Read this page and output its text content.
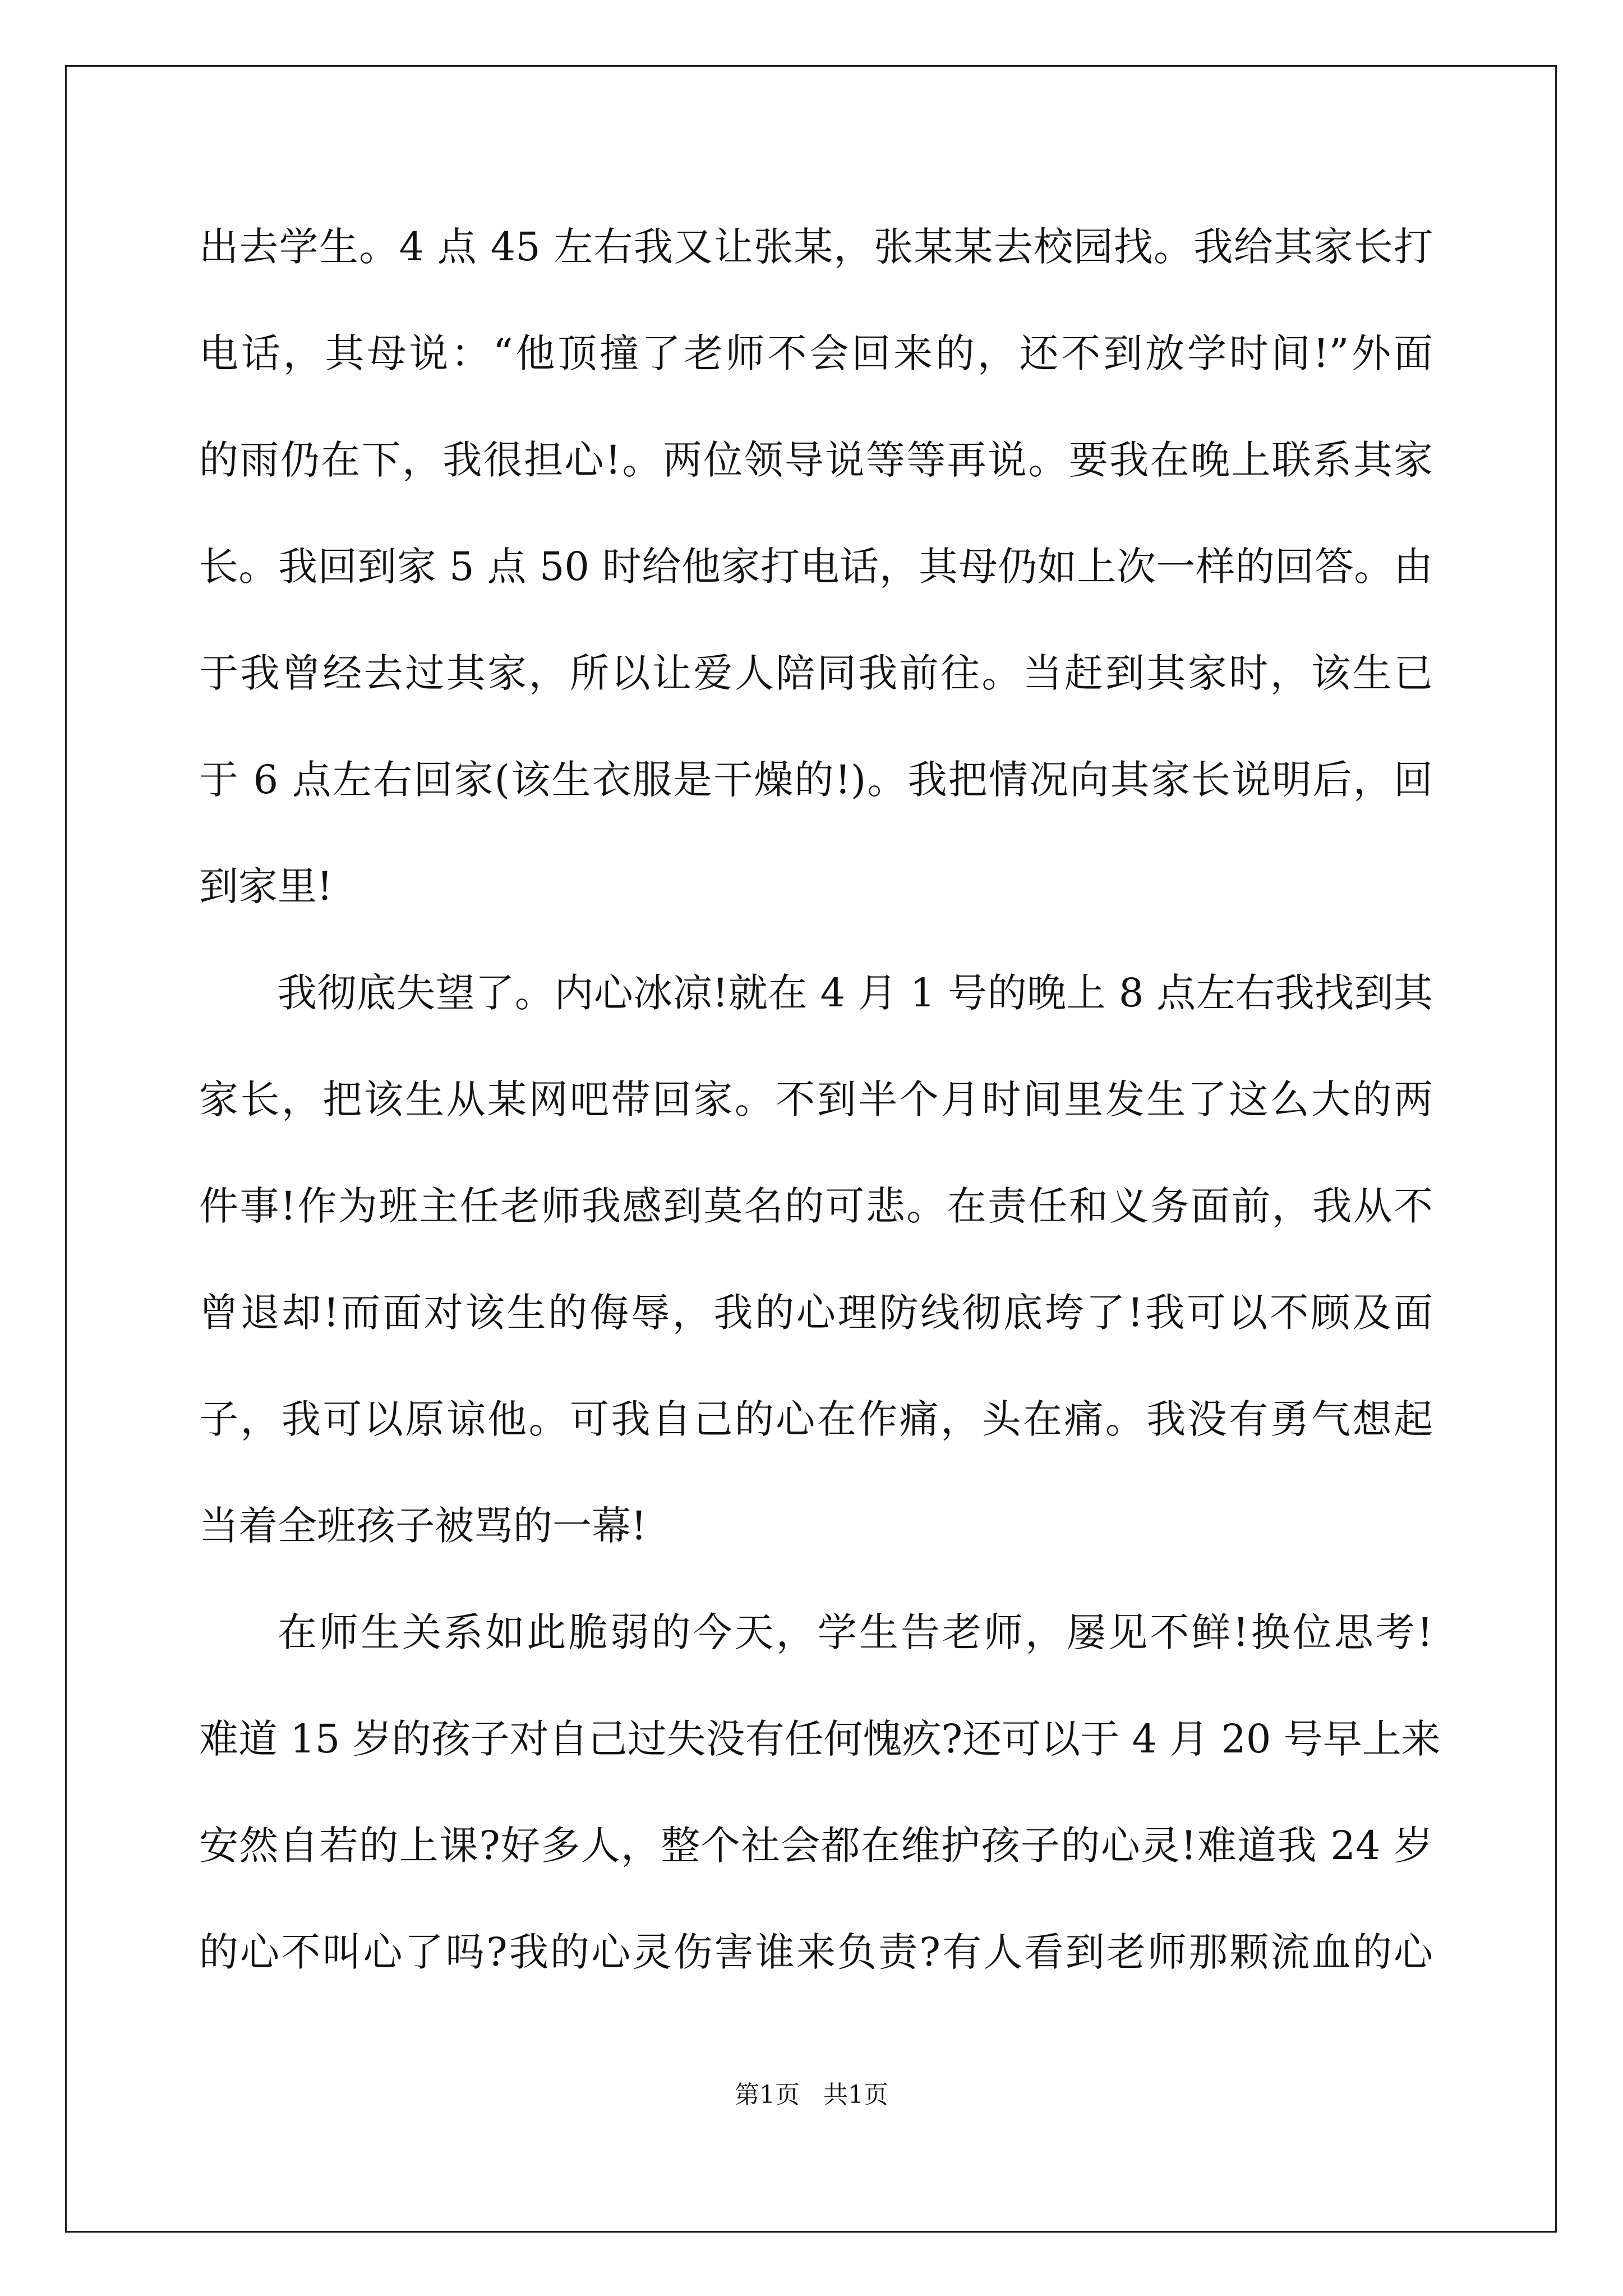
出去学生。4 点 45 左右我又让张某，张某某去校园找。我给其家长打
电话，其母说：“他顶撞了老师不会回来的，还不到放学时间!”外面
的雨仍在下，我很担心!。两位领导说等等再说。要我在晚上联系其家
长。我回到家 5 点 50 时给他家打电话，其母仍如上次一样的回答。由
于我曾经去过其家，所以让爱人陪同我前往。当赶到其家时，该生已
于 6 点左右回家(该生衣服是干燥的!)。我把情况向其家长说明后，回
到家里!
我彻底失望了。内心冰凉!就在 4 月 1 号的晚上 8 点左右我找到其
家长，把该生从某网吧带回家。不到半个月时间里发生了这么大的两
件事!作为班主任老师我感到莫名的可悲。在责任和义务面前，我从不
曾退却!而面对该生的侮辱，我的心理防线彻底垮了!我可以不顾及面
子，我可以原谅他。可我自己的心在作痛，头在痛。我没有勇气想起
当着全班孩子被骂的一幕!
在师生关系如此脆弱的今天，学生告老师，屡见不鲜!换位思考!
难道 15 岁的孩子对自己过失没有任何愧疚?还可以于 4 月 20 号早上来
安然自若的上课?好多人，整个社会都在维护孩子的心灵!难道我 24 岁
的心不叫心了吗?我的心灵伤害谁来负责?有人看到老师那颗流血的心
第1页 共1页
